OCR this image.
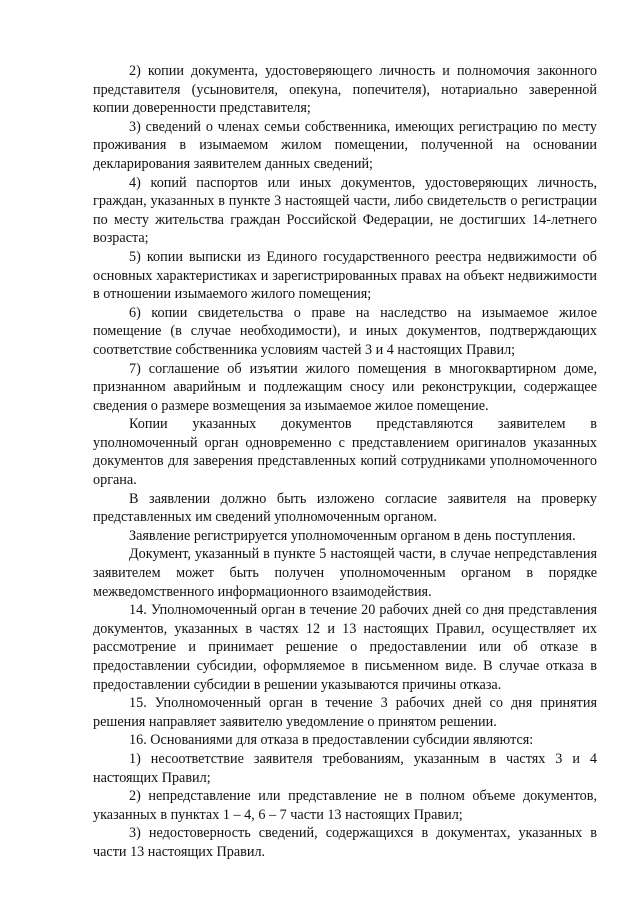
2) копии документа, удостоверяющего личность и полномочия законного представителя (усыновителя, опекуна, попечителя), нотариально заверенной копии доверенности представителя;

3) сведений о членах семьи собственника, имеющих регистрацию по месту проживания в изымаемом жилом помещении, полученной на основании декларирования заявителем данных сведений;

4) копий паспортов или иных документов, удостоверяющих личность, граждан, указанных в пункте 3 настоящей части, либо свидетельств о регистрации по месту жительства граждан Российской Федерации, не достигших 14-летнего возраста;

5) копии выписки из Единого государственного реестра недвижимости об основных характеристиках и зарегистрированных правах на объект недвижимости в отношении изымаемого жилого помещения;

6) копии свидетельства о праве на наследство на изымаемое жилое помещение (в случае необходимости), и иных документов, подтверждающих соответствие собственника условиям частей 3 и 4 настоящих Правил;

7) соглашение об изъятии жилого помещения в многоквартирном доме, признанном аварийным и подлежащим сносу или реконструкции, содержащее сведения о размере возмещения за изымаемое жилое помещение.

Копии указанных документов представляются заявителем в уполномоченный орган одновременно с представлением оригиналов указанных документов для заверения представленных копий сотрудниками уполномоченного органа.

В заявлении должно быть изложено согласие заявителя на проверку представленных им сведений уполномоченным органом.

Заявление регистрируется уполномоченным органом в день поступления.

Документ, указанный в пункте 5 настоящей части, в случае непредставления заявителем может быть получен уполномоченным органом в порядке межведомственного информационного взаимодействия.

14. Уполномоченный орган в течение 20 рабочих дней со дня представления документов, указанных в частях 12 и 13 настоящих Правил, осуществляет их рассмотрение и принимает решение о предоставлении или об отказе в предоставлении субсидии, оформляемое в письменном виде. В случае отказа в предоставлении субсидии в решении указываются причины отказа.

15. Уполномоченный орган в течение 3 рабочих дней со дня принятия решения направляет заявителю уведомление о принятом решении.

16. Основаниями для отказа в предоставлении субсидии являются:

1) несоответствие заявителя требованиям, указанным в частях 3 и 4 настоящих Правил;

2) непредставление или представление не в полном объеме документов, указанных в пунктах 1 – 4, 6 – 7 части 13 настоящих Правил;

3) недостоверность сведений, содержащихся в документах, указанных в части 13 настоящих Правил.
